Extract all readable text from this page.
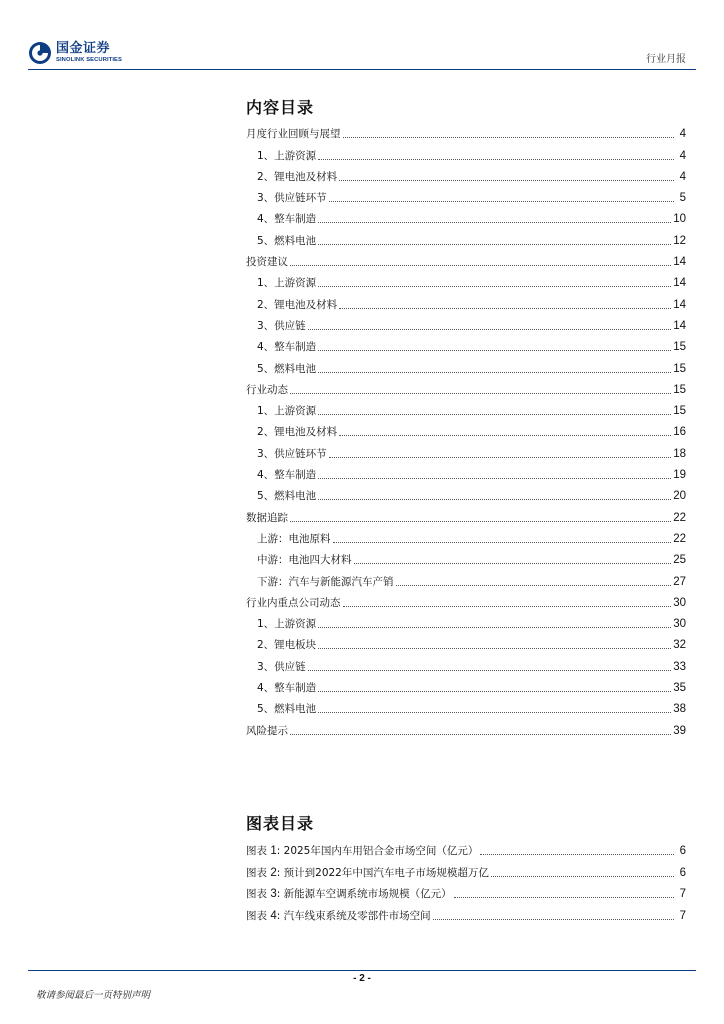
国金证券
SINOLINK SECURITIES	行业月报
内容目录
月度行业回顾与展望	4
1、上游资源	4
2、锂电池及材料	4
3、供应链环节	5
4、整车制造	10
5、燃料电池	12
投资建议	14
1、上游资源	14
2、锂电池及材料	14
3、供应链	14
4、整车制造	15
5、燃料电池	15
行业动态	15
1、上游资源	15
2、锂电池及材料	16
3、供应链环节	18
4、整车制造	19
5、燃料电池	20
数据追踪	22
上游：电池原料	22
中游：电池四大材料	25
下游：汽车与新能源汽车产销	27
行业内重点公司动态	30
1、上游资源	30
2、锂电板块	32
3、供应链	33
4、整车制造	35
5、燃料电池	38
风险提示	39
图表目录
图表 1: 2025年国内车用铝合金市场空间（亿元）	6
图表 2: 预计到2022年中国汽车电子市场规模超万亿	6
图表 3: 新能源车空调系统市场规模（亿元）	7
图表 4: 汽车线束系统及零部件市场空间	7
- 2 -
敬请参阅最后一页特别声明
